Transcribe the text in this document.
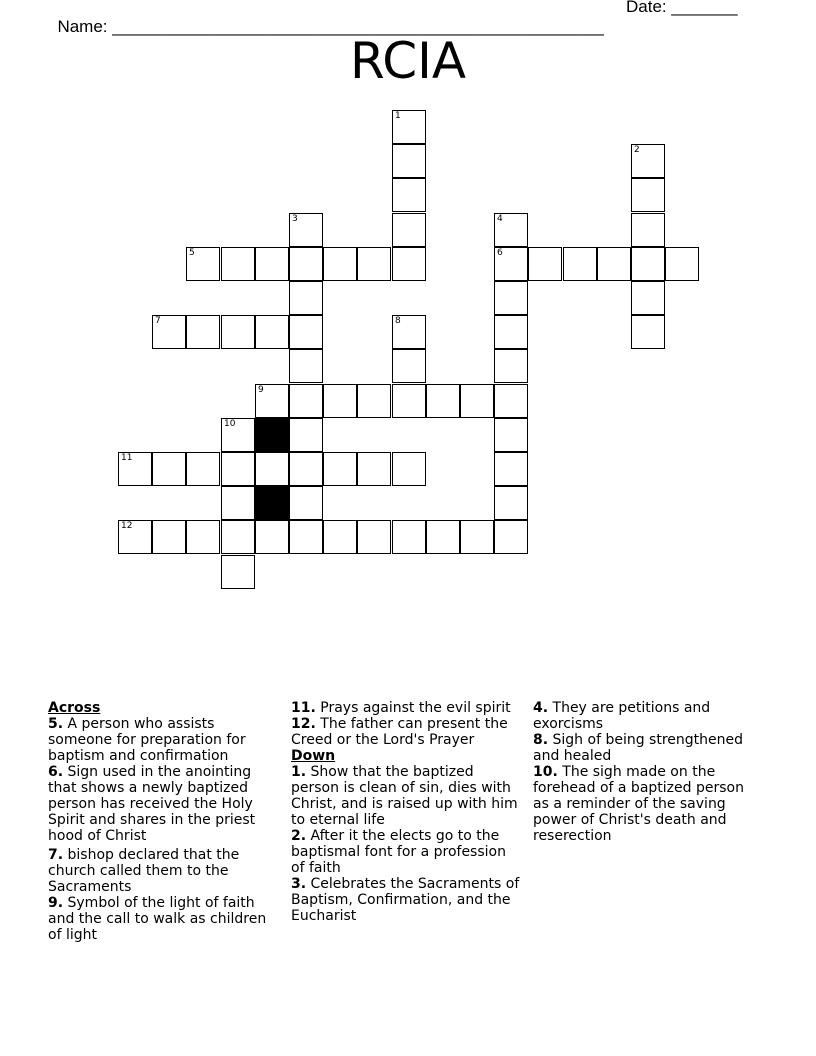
Name: ____________________________________________________

Date: _______

RCIA
1
2
3	4
5	6
7	8
9
10
11
12
Across
5. A person who assists someone for preparation for baptism and confirmation
6. Sign used in the anointing that shows a newly baptized person has received the Holy Spirit and shares in the priest hood of Christ
7. bishop declared that the church called them to the Sacraments
9. Symbol of the light of faith and the call to walk as children of light
11. Prays against the evil spirit
12. The father can present the Creed or the Lord's Prayer
Down
1. Show that the baptized person is clean of sin, dies with Christ, and is raised up with him to eternal life
2. After it the elects go to the baptismal font for a profession of faith
3. Celebrates the Sacraments of Baptism, Confirmation, and the Eucharist
4. They are petitions and exorcisms
8. Sigh of being strengthened and healed
10. The sigh made on the forehead of a baptized person as a reminder of the saving power of Christ's death and reserection
